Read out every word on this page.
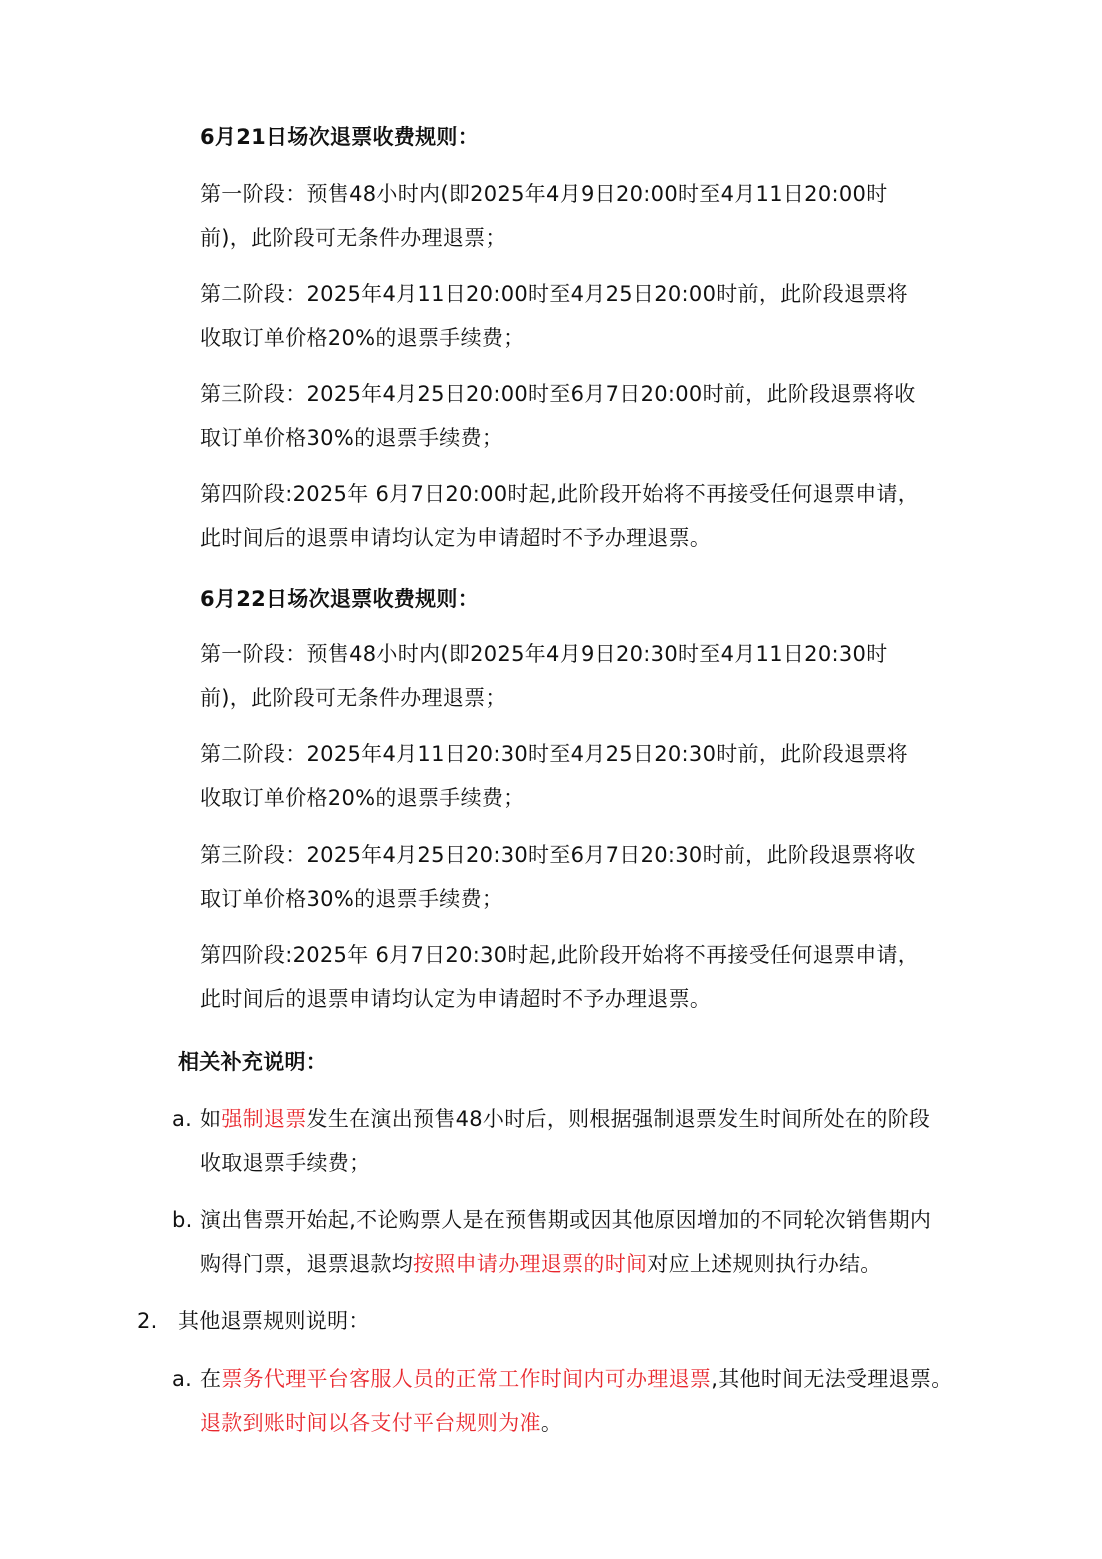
6月21日场次退票收费规则：
第一阶段：预售48小时内(即2025年4月9日20:00时至4月11日20:00时
前)，此阶段可无条件办理退票；
第二阶段：2025年4月11日20:00时至4月25日20:00时前，此阶段退票将
收取订单价格20%的退票手续费；
第三阶段：2025年4月25日20:00时至6月7日20:00时前，此阶段退票将收
取订单价格30%的退票手续费；
第四阶段:2025年 6月7日20:00时起,此阶段开始将不再接受任何退票申请，
此时间后的退票申请均认定为申请超时不予办理退票。
6月22日场次退票收费规则：
第一阶段：预售48小时内(即2025年4月9日20:30时至4月11日20:30时
前)，此阶段可无条件办理退票；
第二阶段：2025年4月11日20:30时至4月25日20:30时前，此阶段退票将
收取订单价格20%的退票手续费；
第三阶段：2025年4月25日20:30时至6月7日20:30时前，此阶段退票将收
取订单价格30%的退票手续费；
第四阶段:2025年 6月7日20:30时起,此阶段开始将不再接受任何退票申请，
此时间后的退票申请均认定为申请超时不予办理退票。
相关补充说明：
a. 如强制退票发生在演出预售48小时后，则根据强制退票发生时间所处在的阶段
收取退票手续费；
b. 演出售票开始起,不论购票人是在预售期或因其他原因增加的不同轮次销售期内
购得门票，退票退款均按照申请办理退票的时间对应上述规则执行办结。
2. 其他退票规则说明：
a. 在票务代理平台客服人员的正常工作时间内可办理退票,其他时间无法受理退票。
退款到账时间以各支付平台规则为准。
